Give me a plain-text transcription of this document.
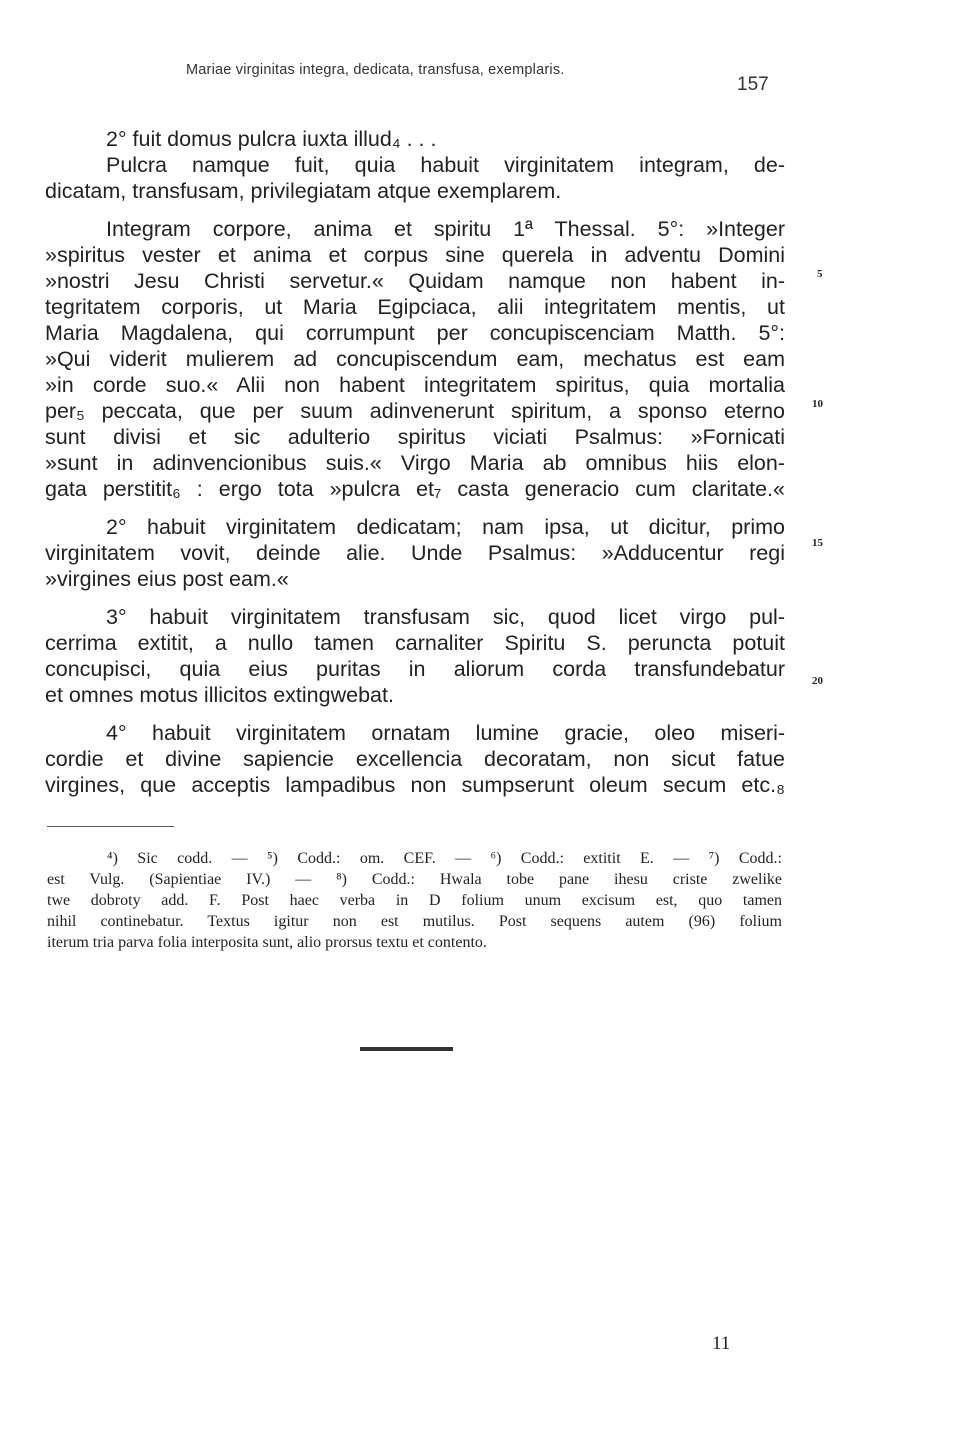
Mariae virginitas integra, dedicata, transfusa, exemplaris.
157
2° fuit domus pulcra iuxta illud₄ . . .
Pulcra namque fuit, quia habuit virginitatem integram, de-
dicatam, transfusam, privilegiatam atque exemplarem.
Integram corpore, anima et spiritu 1ª Thessal. 5°: »Integer
»spiritus vester et anima et corpus sine querela in adventu Domini
»nostri Jesu Christi servetur.« Quidam namque non habent in-
tegritatem corporis, ut Maria Egipciaca, alii integritatem mentis, ut
Maria Magdalena, qui corrumpunt per concupiscenciam Matth. 5°:
»Qui viderit mulierem ad concupiscendum eam, mechatus est eam
»in corde suo.« Alii non habent integritatem spiritus, quia mortalia
per₅ peccata, que per suum adinvenerunt spiritum, a sponso eterno
sunt divisi et sic adulterio spiritus viciati Psalmus: »Fornicati
»sunt in adinvencionibus suis.« Virgo Maria ab omnibus hiis elon-
gata perstitit₆ : ergo tota »pulcra et₇ casta generacio cum claritate.«
2° habuit virginitatem dedicatam; nam ipsa, ut dicitur, primo
virginitatem vovit, deinde alie. Unde Psalmus: »Adducentur regi
»virgines eius post eam.«
3° habuit virginitatem transfusam sic, quod licet virgo pul-
cerrima extitit, a nullo tamen carnaliter Spiritu S. peruncta potuit
concupisci, quia eius puritas in aliorum corda transfundebatur
et omnes motus illicitos extingwebat.
4° habuit virginitatem ornatam lumine gracie, oleo miseri-
cordie et divine sapiencie excellencia decoratam, non sicut fatue
virgines, que acceptis lampadibus non sumpserunt oleum secum etc.₈
5
10
15
20
⁴) Sic codd. — ⁵) Codd.: om. CEF. — ⁶) Codd.: extitit E. — ⁷) Codd.:
est Vulg. (Sapientiae IV.) — ⁸) Codd.: Hwala tobe pane ihesu criste zwelike
twe dobroty add. F. Post haec verba in D folium unum excisum est, quo tamen
nihil continebatur. Textus igitur non est mutilus. Post sequens autem (96) folium
iterum tria parva folia interposita sunt, alio prorsus textu et contento.
11
